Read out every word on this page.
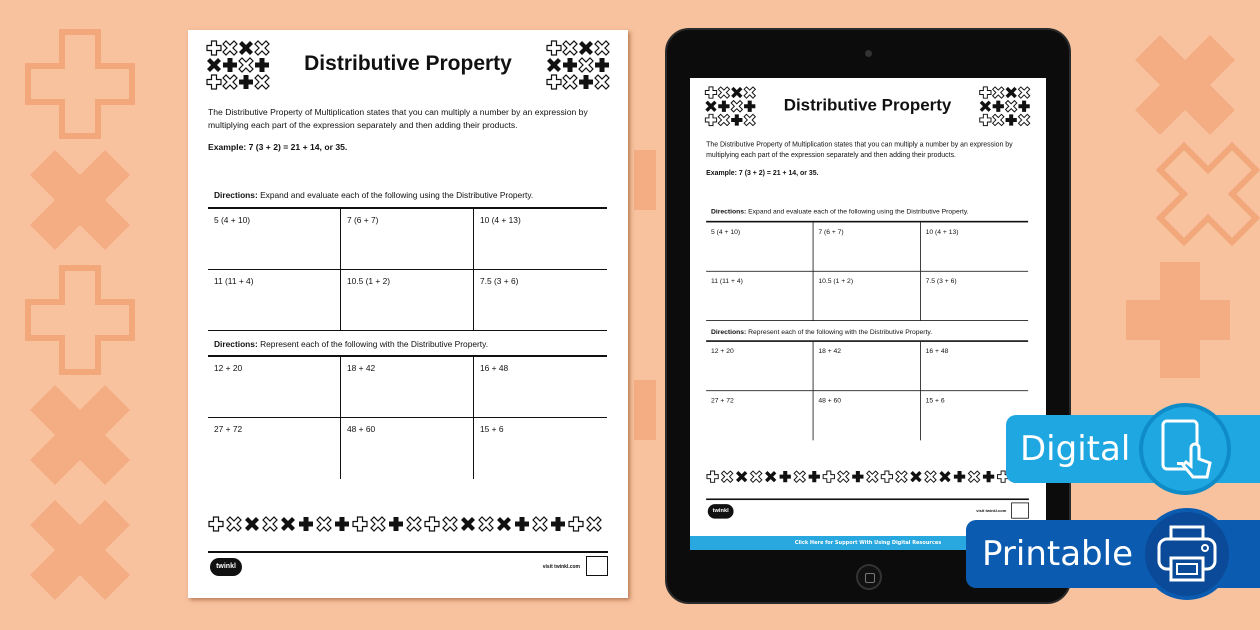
Distributive Property
The Distributive Property of Multiplication states that you can multiply a number by an expression by multiplying each part of the expression separately and then adding their products.
Example: 7 (3 + 2) = 21 + 14, or 35.
Directions: Expand and evaluate each of the following using the Distributive Property.
5 (4 + 10)	7 (6 + 7)	10 (4 + 13)
11 (11 + 4)	10.5 (1 + 2)	7.5 (3 + 6)
Directions: Represent each of the following with the Distributive Property.
12 + 20	18 + 42	16 + 48
27 + 72	48 + 60	15 + 6
twinkl	visit twinkl.com
Distributive Property
The Distributive Property of Multiplication states that you can multiply a number by an expression by multiplying each part of the expression separately and then adding their products.
Example: 7 (3 + 2) = 21 + 14, or 35.
Directions: Expand and evaluate each of the following using the Distributive Property.
5 (4 + 10)	7 (6 + 7)	10 (4 + 13)
11 (11 + 4)	10.5 (1 + 2)	7.5 (3 + 6)
Directions: Represent each of the following with the Distributive Property.
12 + 20	18 + 42	16 + 48
27 + 72	48 + 60	15 + 6
twinkl	visit twinkl.com
Click Here for Support With Using Digital Resources
Digital
Printable
